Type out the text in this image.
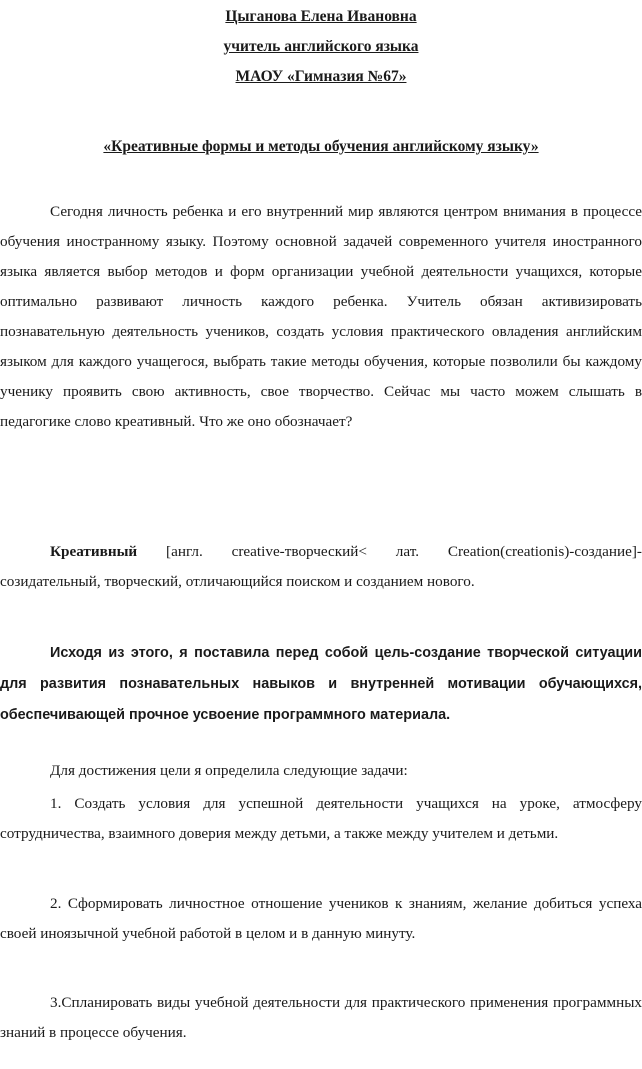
Цыганова Елена Ивановна
учитель английского языка
МАОУ «Гимназия №67»
«Креативные формы и методы обучения английскому языку»

Сегодня личность ребенка и его внутренний мир являются центром внимания в процессе обучения иностранному языку. Поэтому основной задачей современного учителя иностранного языка является выбор методов и форм организации учебной деятельности учащихся, которые оптимально развивают личность каждого ребенка. Учитель обязан активизировать познавательную деятельность учеников, создать условия практического овладения английским языком для каждого учащегося, выбрать такие методы обучения, которые позволили бы каждому ученику проявить свою активность, свое творчество. Сейчас мы часто можем слышать в педагогике слово креативный. Что же оно обозначает?

Креативный [англ. creative-творческий< лат. Creation(creationis)-создание]-созидательный, творческий, отличающийся поиском и созданием нового.

Исходя из этого, я поставила перед собой цель-создание творческой ситуации для развития познавательных навыков и внутренней мотивации обучающихся, обеспечивающей прочное усвоение программного материала.

Для достижения цели я определила следующие задачи:

1. Создать условия для успешной деятельности учащихся на уроке, атмосферу сотрудничества, взаимного доверия между детьми, а также между учителем и детьми.

2. Сформировать личностное отношение учеников к знаниям, желание добиться успеха своей иноязычной учебной работой в целом и в данную минуту.

3.Спланировать виды учебной деятельности для практического применения программных знаний в процессе обучения.
